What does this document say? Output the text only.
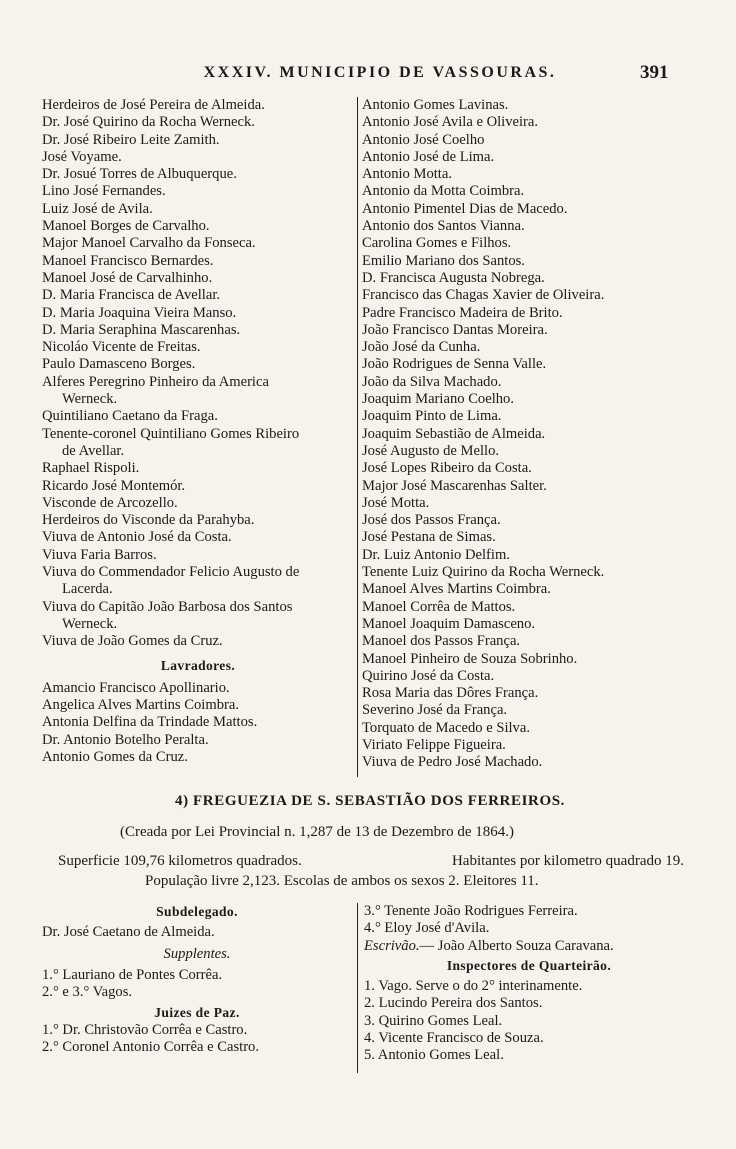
XXXIV. MUNICIPIO DE VASSOURAS.	391
Herdeiros de José Pereira de Almeida.
Dr. José Quirino da Rocha Werneck.
Dr. José Ribeiro Leite Zamith.
José Voyame.
Dr. Josué Torres de Albuquerque.
Lino José Fernandes.
Luiz José de Avila.
Manoel Borges de Carvalho.
Major Manoel Carvalho da Fonseca.
Manoel Francisco Bernardes.
Manoel José de Carvalhinho.
D. Maria Francisca de Avellar.
D. Maria Joaquina Vieira Manso.
D. Maria Seraphina Mascarenhas.
Nicoláo Vicente de Freitas.
Paulo Damasceno Borges.
Alferes Peregrino Pinheiro da America
Werneck.
Quintiliano Caetano da Fraga.
Tenente-coronel Quintiliano Gomes Ribeiro
de Avellar.
Raphael Rispoli.
Ricardo José Montemór.
Visconde de Arcozello.
Herdeiros do Visconde da Parahyba.
Viuva de Antonio José da Costa.
Viuva Faria Barros.
Viuva do Commendador Felicio Augusto de
Lacerda.
Viuva do Capitão João Barbosa dos Santos
Werneck.
Viuva de João Gomes da Cruz.
Lavradores.
Amancio Francisco Apollinario.
Angelica Alves Martins Coimbra.
Antonia Delfina da Trindade Mattos.
Dr. Antonio Botelho Peralta.
Antonio Gomes da Cruz.
Antonio Gomes Lavinas.
Antonio José Avila e Oliveira.
Antonio José Coelho
Antonio José de Lima.
Antonio Motta.
Antonio da Motta Coimbra.
Antonio Pimentel Dias de Macedo.
Antonio dos Santos Vianna.
Carolina Gomes e Filhos.
Emilio Mariano dos Santos.
D. Francisca Augusta Nobrega.
Francisco das Chagas Xavier de Oliveira.
Padre Francisco Madeira de Brito.
João Francisco Dantas Moreira.
João José da Cunha.
João Rodrigues de Senna Valle.
João da Silva Machado.
Joaquim Mariano Coelho.
Joaquim Pinto de Lima.
Joaquim Sebastião de Almeida.
José Augusto de Mello.
José Lopes Ribeiro da Costa.
Major José Mascarenhas Salter.
José Motta.
José dos Passos França.
José Pestana de Simas.
Dr. Luiz Antonio Delfim.
Tenente Luiz Quirino da Rocha Werneck.
Manoel Alves Martins Coimbra.
Manoel Corrêa de Mattos.
Manoel Joaquim Damasceno.
Manoel dos Passos França.
Manoel Pinheiro de Souza Sobrinho.
Quirino José da Costa.
Rosa Maria das Dôres França.
Severino José da França.
Torquato de Macedo e Silva.
Viriato Felippe Figueira.
Viuva de Pedro José Machado.
4) FREGUEZIA DE S. SEBASTIÃO DOS FERREIROS.
(Creada por Lei Provincial n. 1,287 de 13 de Dezembro de 1864.)
Superficie 109,76 kilometros quadrados.	Habitantes por kilometro quadrado 19.
População livre 2,123. Escolas de ambos os sexos 2. Eleitores 11.
Subdelegado.
Dr. José Caetano de Almeida.
Supplentes.
1.° Lauriano de Pontes Corrêa.
2.° e 3.° Vagos.
Juizes de Paz.
1.° Dr. Christovão Corrêa e Castro.
2.° Coronel Antonio Corrêa e Castro.
3.° Tenente João Rodrigues Ferreira.
4.° Eloy José d'Avila.
Escrivão.— João Alberto Souza Caravana.
Inspectores de Quarteirão.
1. Vago. Serve o do 2° interinamente.
2. Lucindo Pereira dos Santos.
3. Quirino Gomes Leal.
4. Vicente Francisco de Souza.
5. Antonio Gomes Leal.
